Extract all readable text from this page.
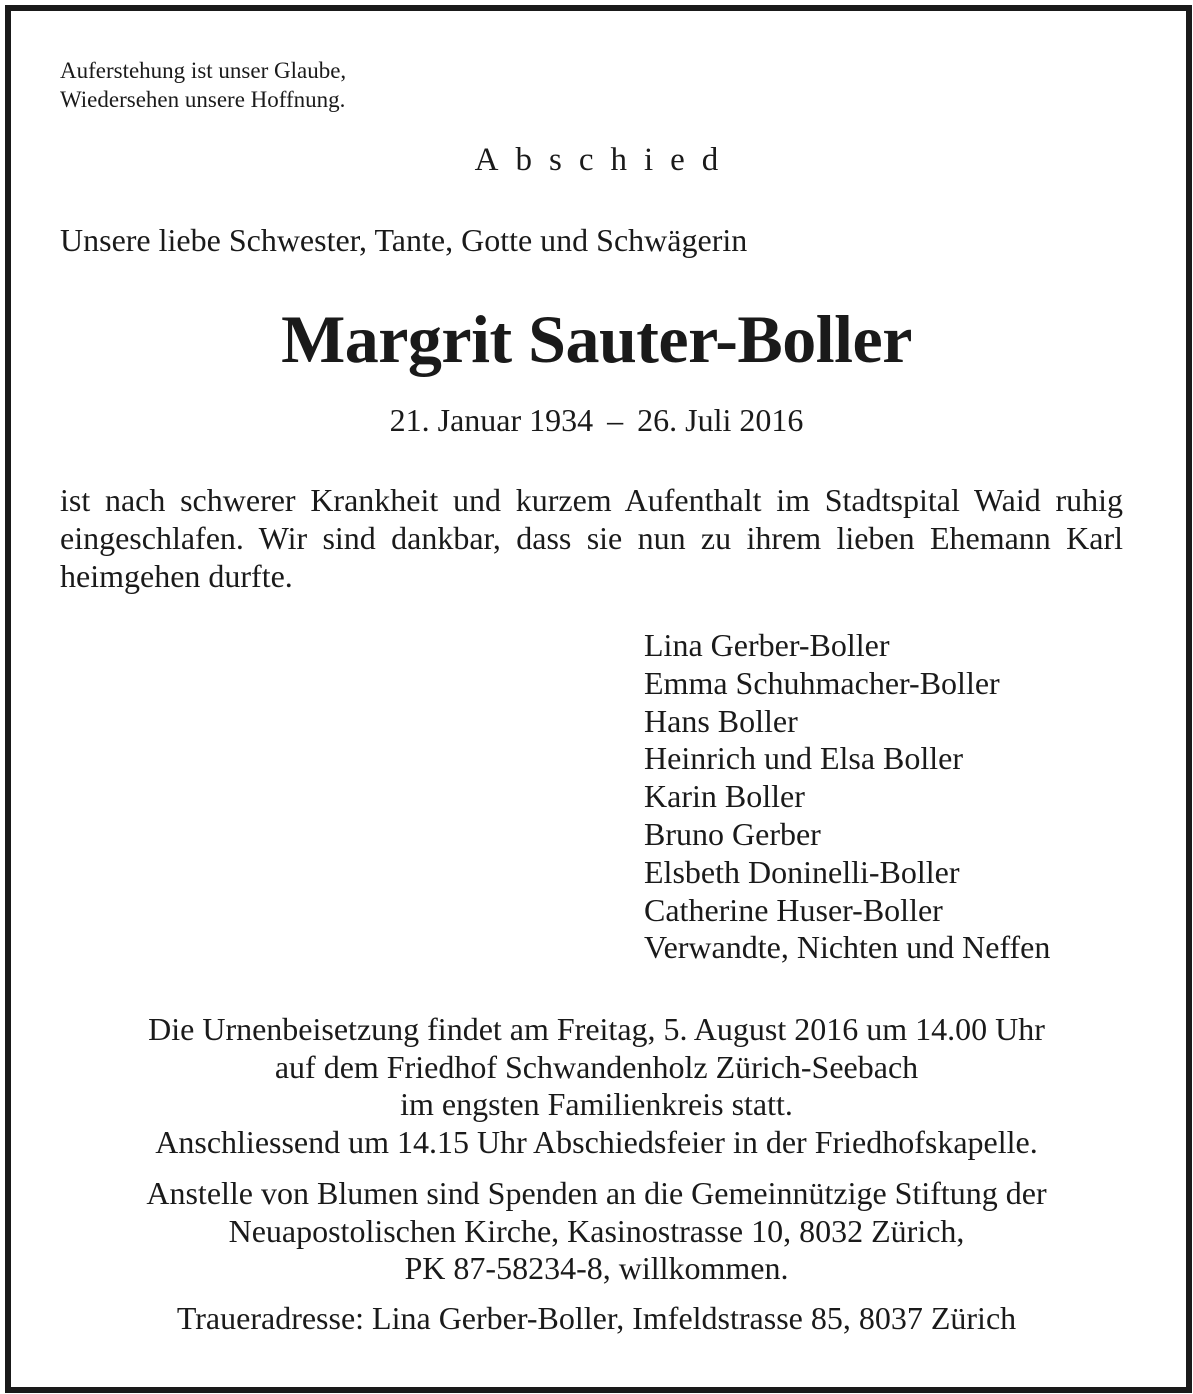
Auferstehung ist unser Glaube,
Wiedersehen unsere Hoffnung.
Abschied
Unsere liebe Schwester, Tante, Gotte und Schwägerin
Margrit Sauter-Boller
21. Januar 1934 – 26. Juli 2016
ist nach schwerer Krankheit und kurzem Aufenthalt im Stadtspital Waid ruhig eingeschlafen. Wir sind dankbar, dass sie nun zu ihrem lieben Ehemann Karl heimgehen durfte.
Lina Gerber-Boller
Emma Schuhmacher-Boller
Hans Boller
Heinrich und Elsa Boller
Karin Boller
Bruno Gerber
Elsbeth Doninelli-Boller
Catherine Huser-Boller
Verwandte, Nichten und Neffen
Die Urnenbeisetzung findet am Freitag, 5. August 2016 um 14.00 Uhr
auf dem Friedhof Schwandenholz Zürich-Seebach
im engsten Familienkreis statt.
Anschliessend um 14.15 Uhr Abschiedsfeier in der Friedhofskapelle.
Anstelle von Blumen sind Spenden an die Gemeinnützige Stiftung der
Neuapostolischen Kirche, Kasinostrasse 10, 8032 Zürich,
PK 87-58234-8, willkommen.
Traueradresse: Lina Gerber-Boller, Imfeldstrasse 85, 8037 Zürich
